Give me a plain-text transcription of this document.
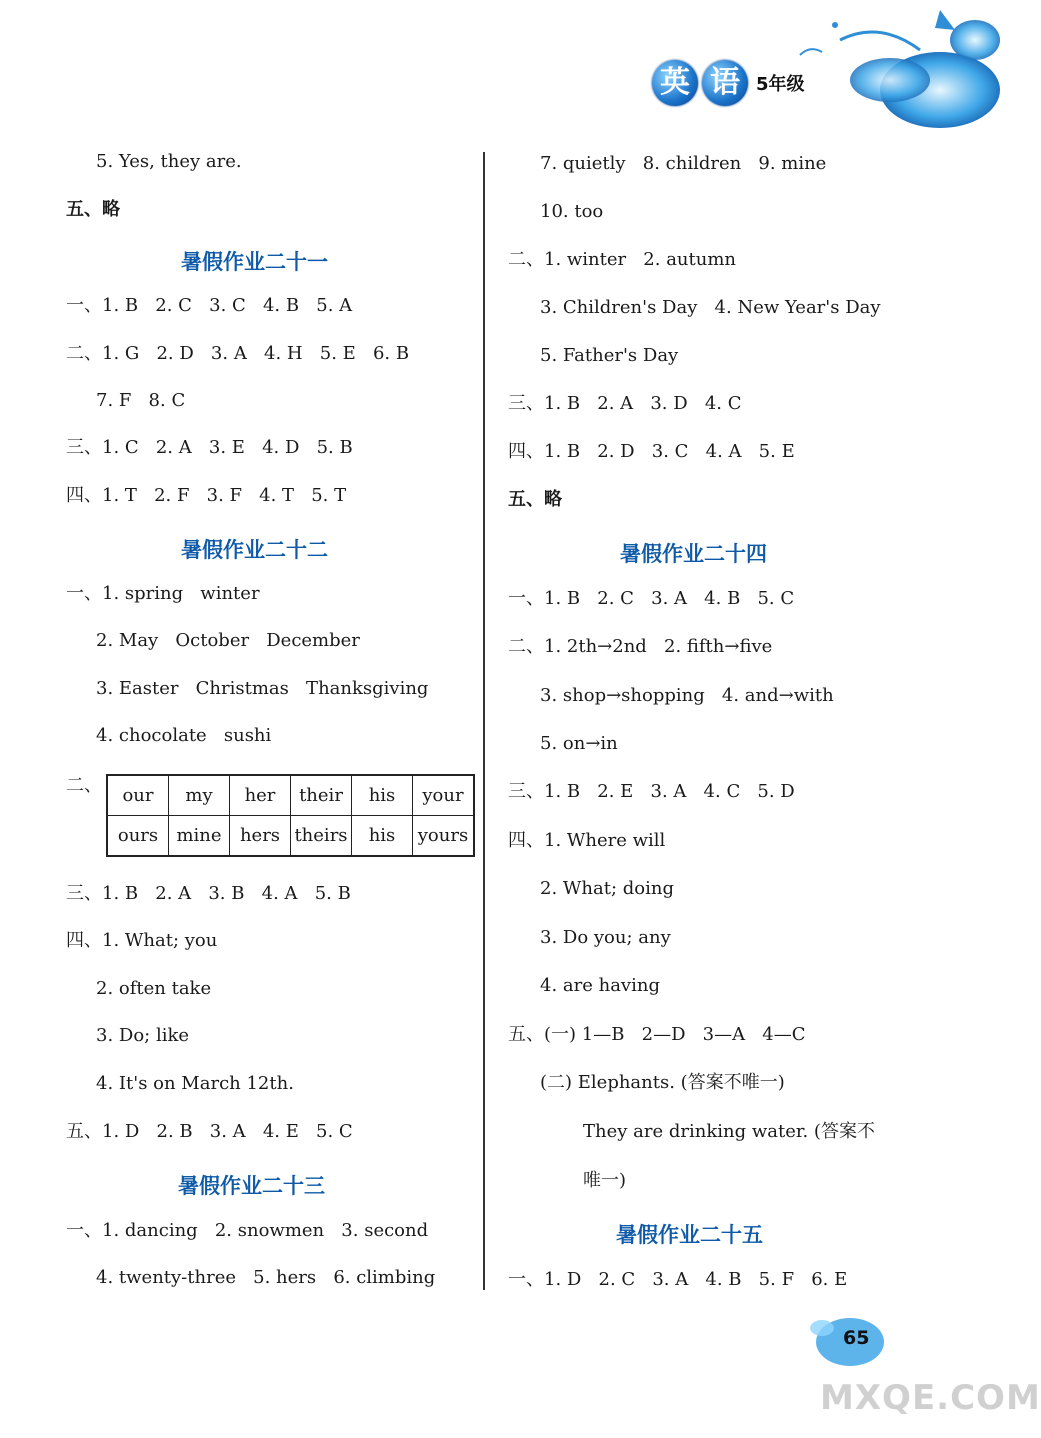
英 语 5年级
5. Yes, they are.
五、略
暑假作业二十一
一、1. B   2. C   3. C   4. B   5. A
二、1. G   2. D   3. A   4. H   5. E   6. B
7. F   8. C
三、1. C   2. A   3. E   4. D   5. B
四、1. T   2. F   3. F   4. T   5. T
暑假作业二十二
一、1. spring   winter
2. May   October   December
3. Easter   Christmas   Thanksgiving
4. chocolate   sushi
二、 our	my	her	their	his	your
ours	mine	hers	theirs	his	yours
三、1. B   2. A   3. B   4. A   5. B
四、1. What; you
2. often take
3. Do; like
4. It's on March 12th.
五、1. D   2. B   3. A   4. E   5. C
暑假作业二十三
一、1. dancing   2. snowmen   3. second
4. twenty-three   5. hers   6. climbing
7. quietly   8. children   9. mine
10. too
二、1. winter   2. autumn
3. Children's Day   4. New Year's Day
5. Father's Day
三、1. B   2. A   3. D   4. C
四、1. B   2. D   3. C   4. A   5. E
五、略
暑假作业二十四
一、1. B   2. C   3. A   4. B   5. C
二、1. 2th→2nd   2. fifth→five
3. shop→shopping   4. and→with
5. on→in
三、1. B   2. E   3. A   4. C   5. D
四、1. Where will
2. What; doing
3. Do you; any
4. are having
五、(一) 1—B   2—D   3—A   4—C
(二) Elephants. (答案不唯一)
They are drinking water. (答案不
唯一)
暑假作业二十五
一、1. D   2. C   3. A   4. B   5. F   6. E
65
MXQE.COM
